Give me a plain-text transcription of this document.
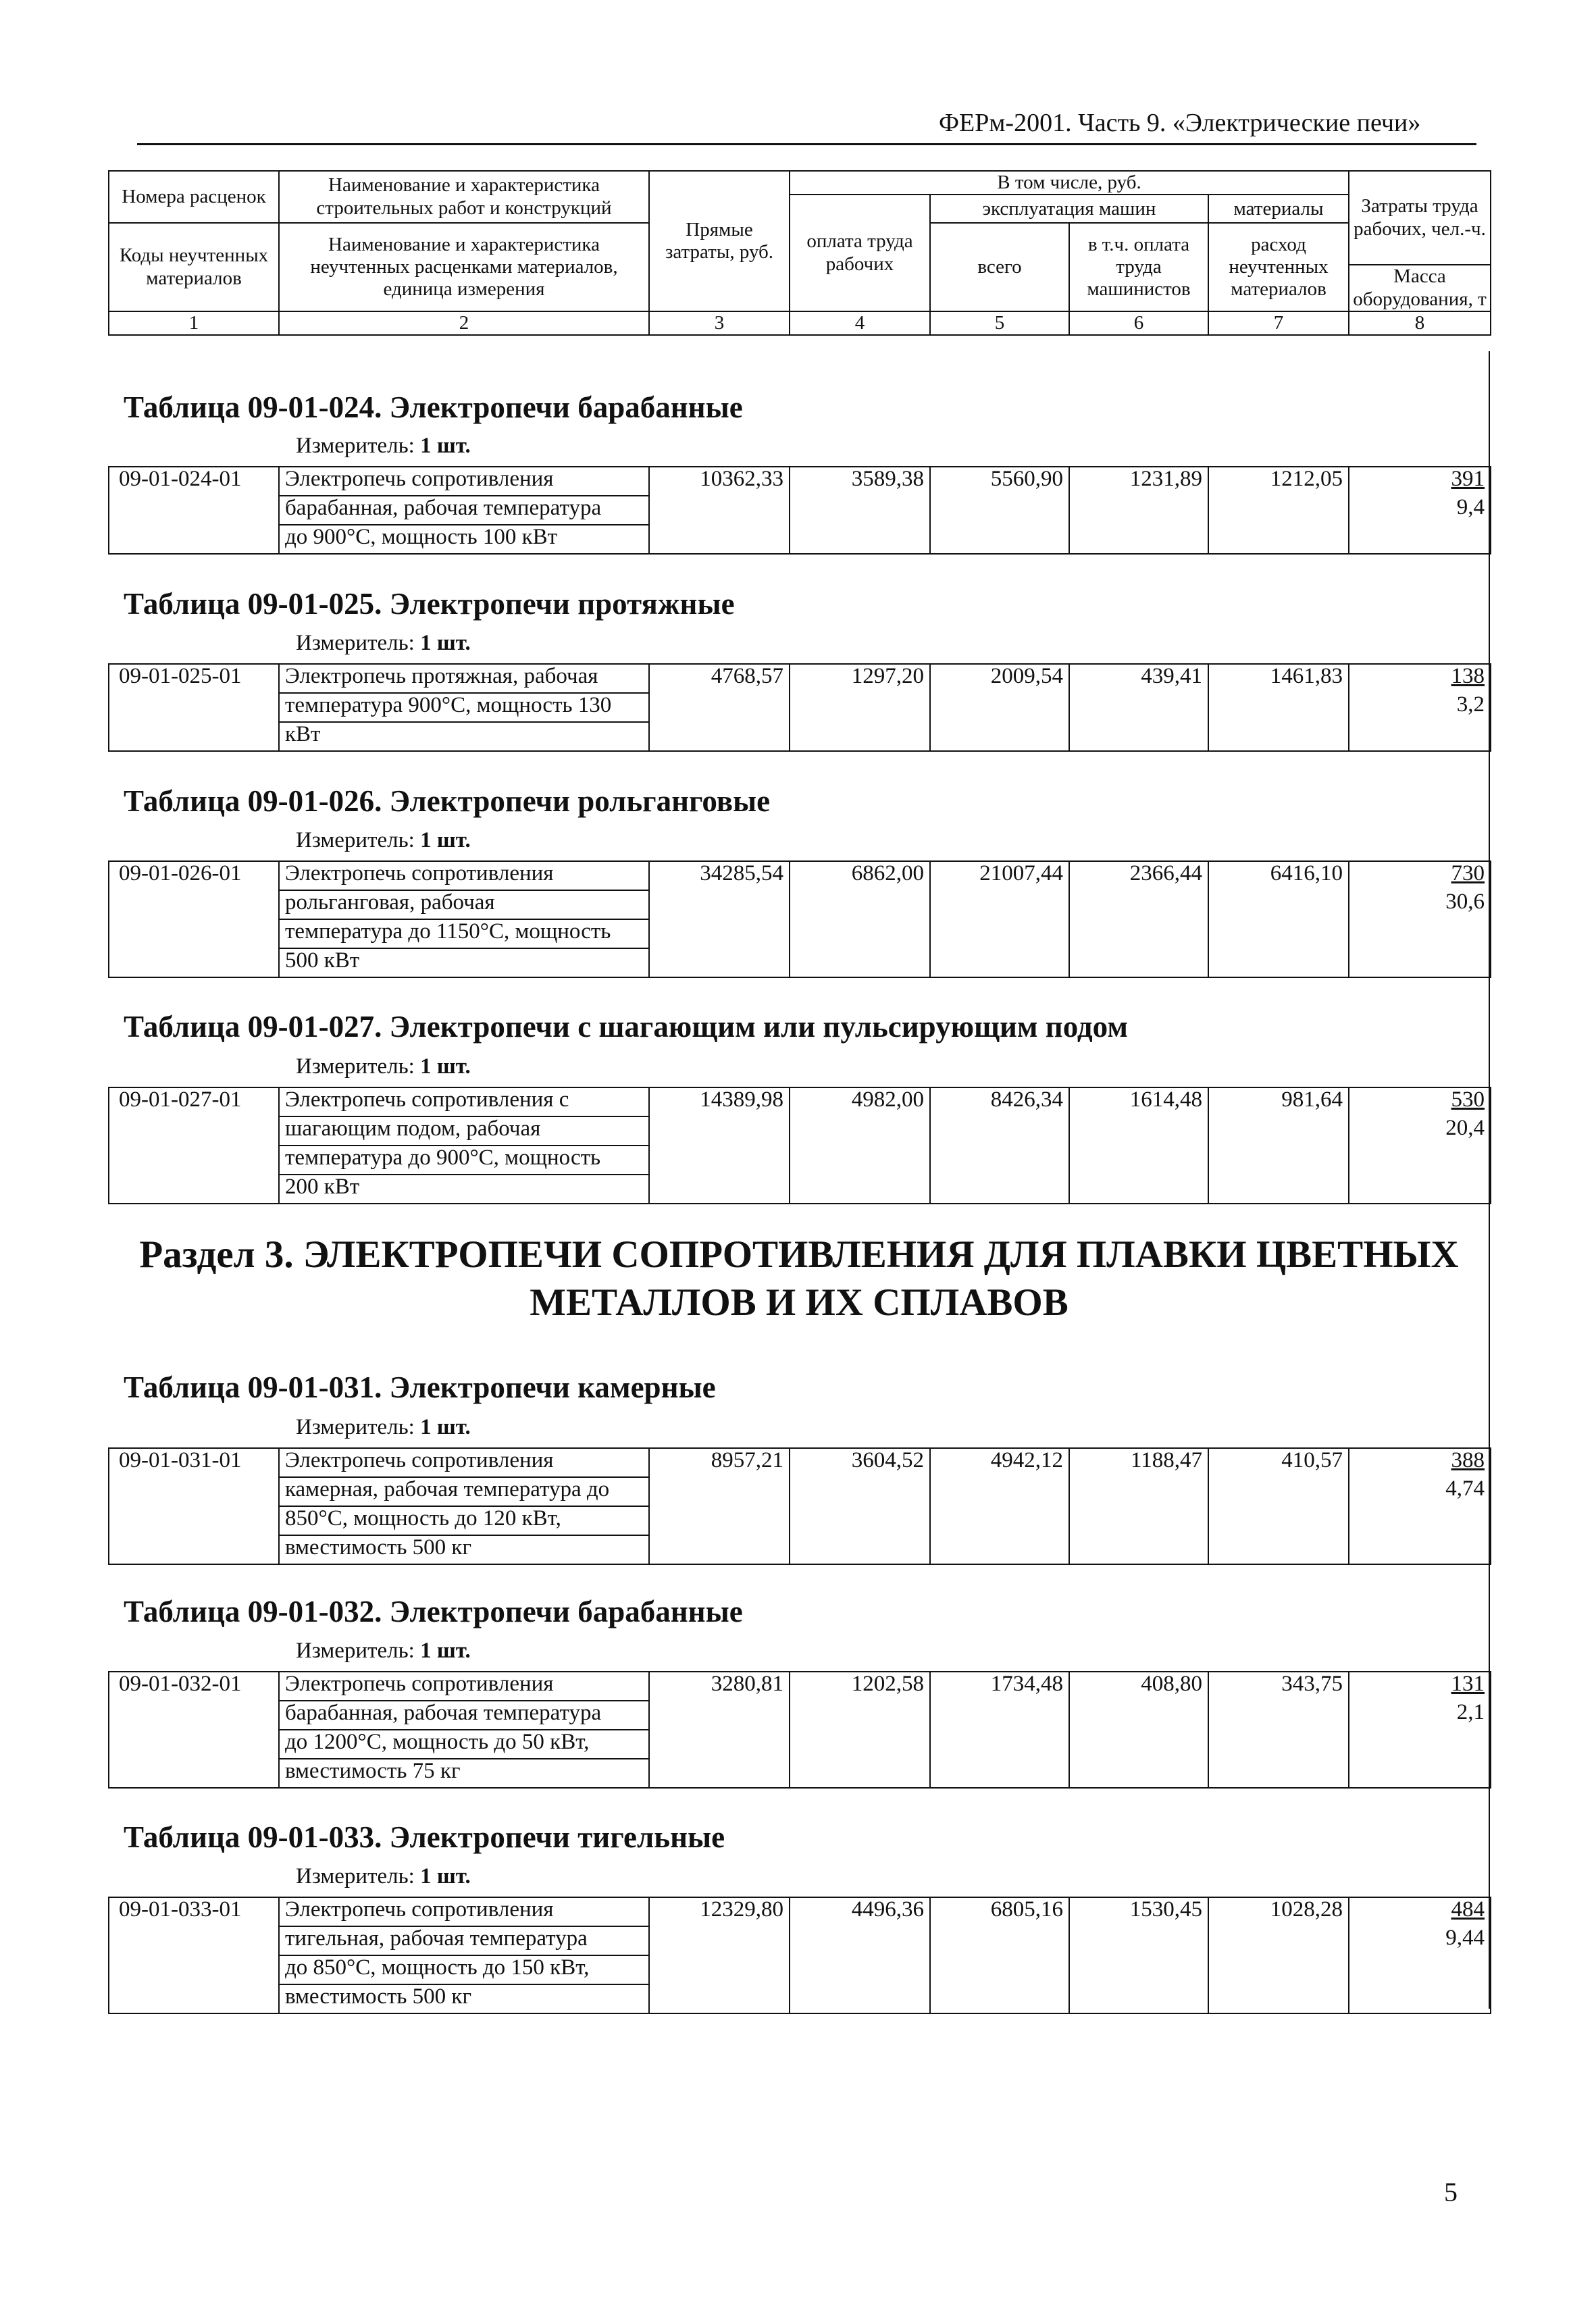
ФЕРм-2001. Часть 9. «Электрические печи»
Номера расценок	Наименование и характеристика строительных работ и конструкций	Прямые затраты, руб.	В том числе, руб.				Затраты труда рабочих, чел.-ч.
			оплата труда рабочих	эксплуатация машин		материалы	
Коды неучтенных материалов	Наименование и характеристика неучтенных расценками материалов, единица измерения			всего	в т.ч. оплата труда машинистов	расход неучтенных материалов	
							Масса оборудования, т
1	2	3	4	5	6	7	8
Таблица 09-01-024. Электропечи барабанные
Измеритель: 1 шт.
09-01-024-01	Электропечь сопротивления	10362,33	3589,38	5560,90	1231,89	1212,05	391
	барабанная, рабочая температура						9,4
	до 900°С, мощность 100 кВт						
Таблица 09-01-025. Электропечи протяжные
Измеритель: 1 шт.
09-01-025-01	Электропечь протяжная, рабочая	4768,57	1297,20	2009,54	439,41	1461,83	138
	температура 900°С, мощность 130						3,2
	кВт						
Таблица 09-01-026. Электропечи рольганговые
Измеритель: 1 шт.
09-01-026-01	Электропечь сопротивления	34285,54	6862,00	21007,44	2366,44	6416,10	730
	рольганговая, рабочая						30,6
	температура до 1150°С, мощность						
	500 кВт						
Таблица 09-01-027. Электропечи с шагающим или пульсирующим подом
Измеритель: 1 шт.
09-01-027-01	Электропечь сопротивления с	14389,98	4982,00	8426,34	1614,48	981,64	530
	шагающим подом, рабочая						20,4
	температура до 900°С, мощность						
	200 кВт						
Раздел 3. ЭЛЕКТРОПЕЧИ СОПРОТИВЛЕНИЯ ДЛЯ ПЛАВКИ ЦВЕТНЫХ
МЕТАЛЛОВ И ИХ СПЛАВОВ
Таблица 09-01-031. Электропечи камерные
Измеритель: 1 шт.
09-01-031-01	Электропечь сопротивления	8957,21	3604,52	4942,12	1188,47	410,57	388
	камерная, рабочая температура до						4,74
	850°С, мощность до 120 кВт,						
	вместимость 500 кг						
Таблица 09-01-032. Электропечи барабанные
Измеритель: 1 шт.
09-01-032-01	Электропечь сопротивления	3280,81	1202,58	1734,48	408,80	343,75	131
	барабанная, рабочая температура						2,1
	до 1200°С, мощность до 50 кВт,						
	вместимость 75 кг						
Таблица 09-01-033. Электропечи тигельные
Измеритель: 1 шт.
09-01-033-01	Электропечь сопротивления	12329,80	4496,36	6805,16	1530,45	1028,28	484
	тигельная, рабочая температура						9,44
	до 850°С, мощность до 150 кВт,						
	вместимость 500 кг						
5
